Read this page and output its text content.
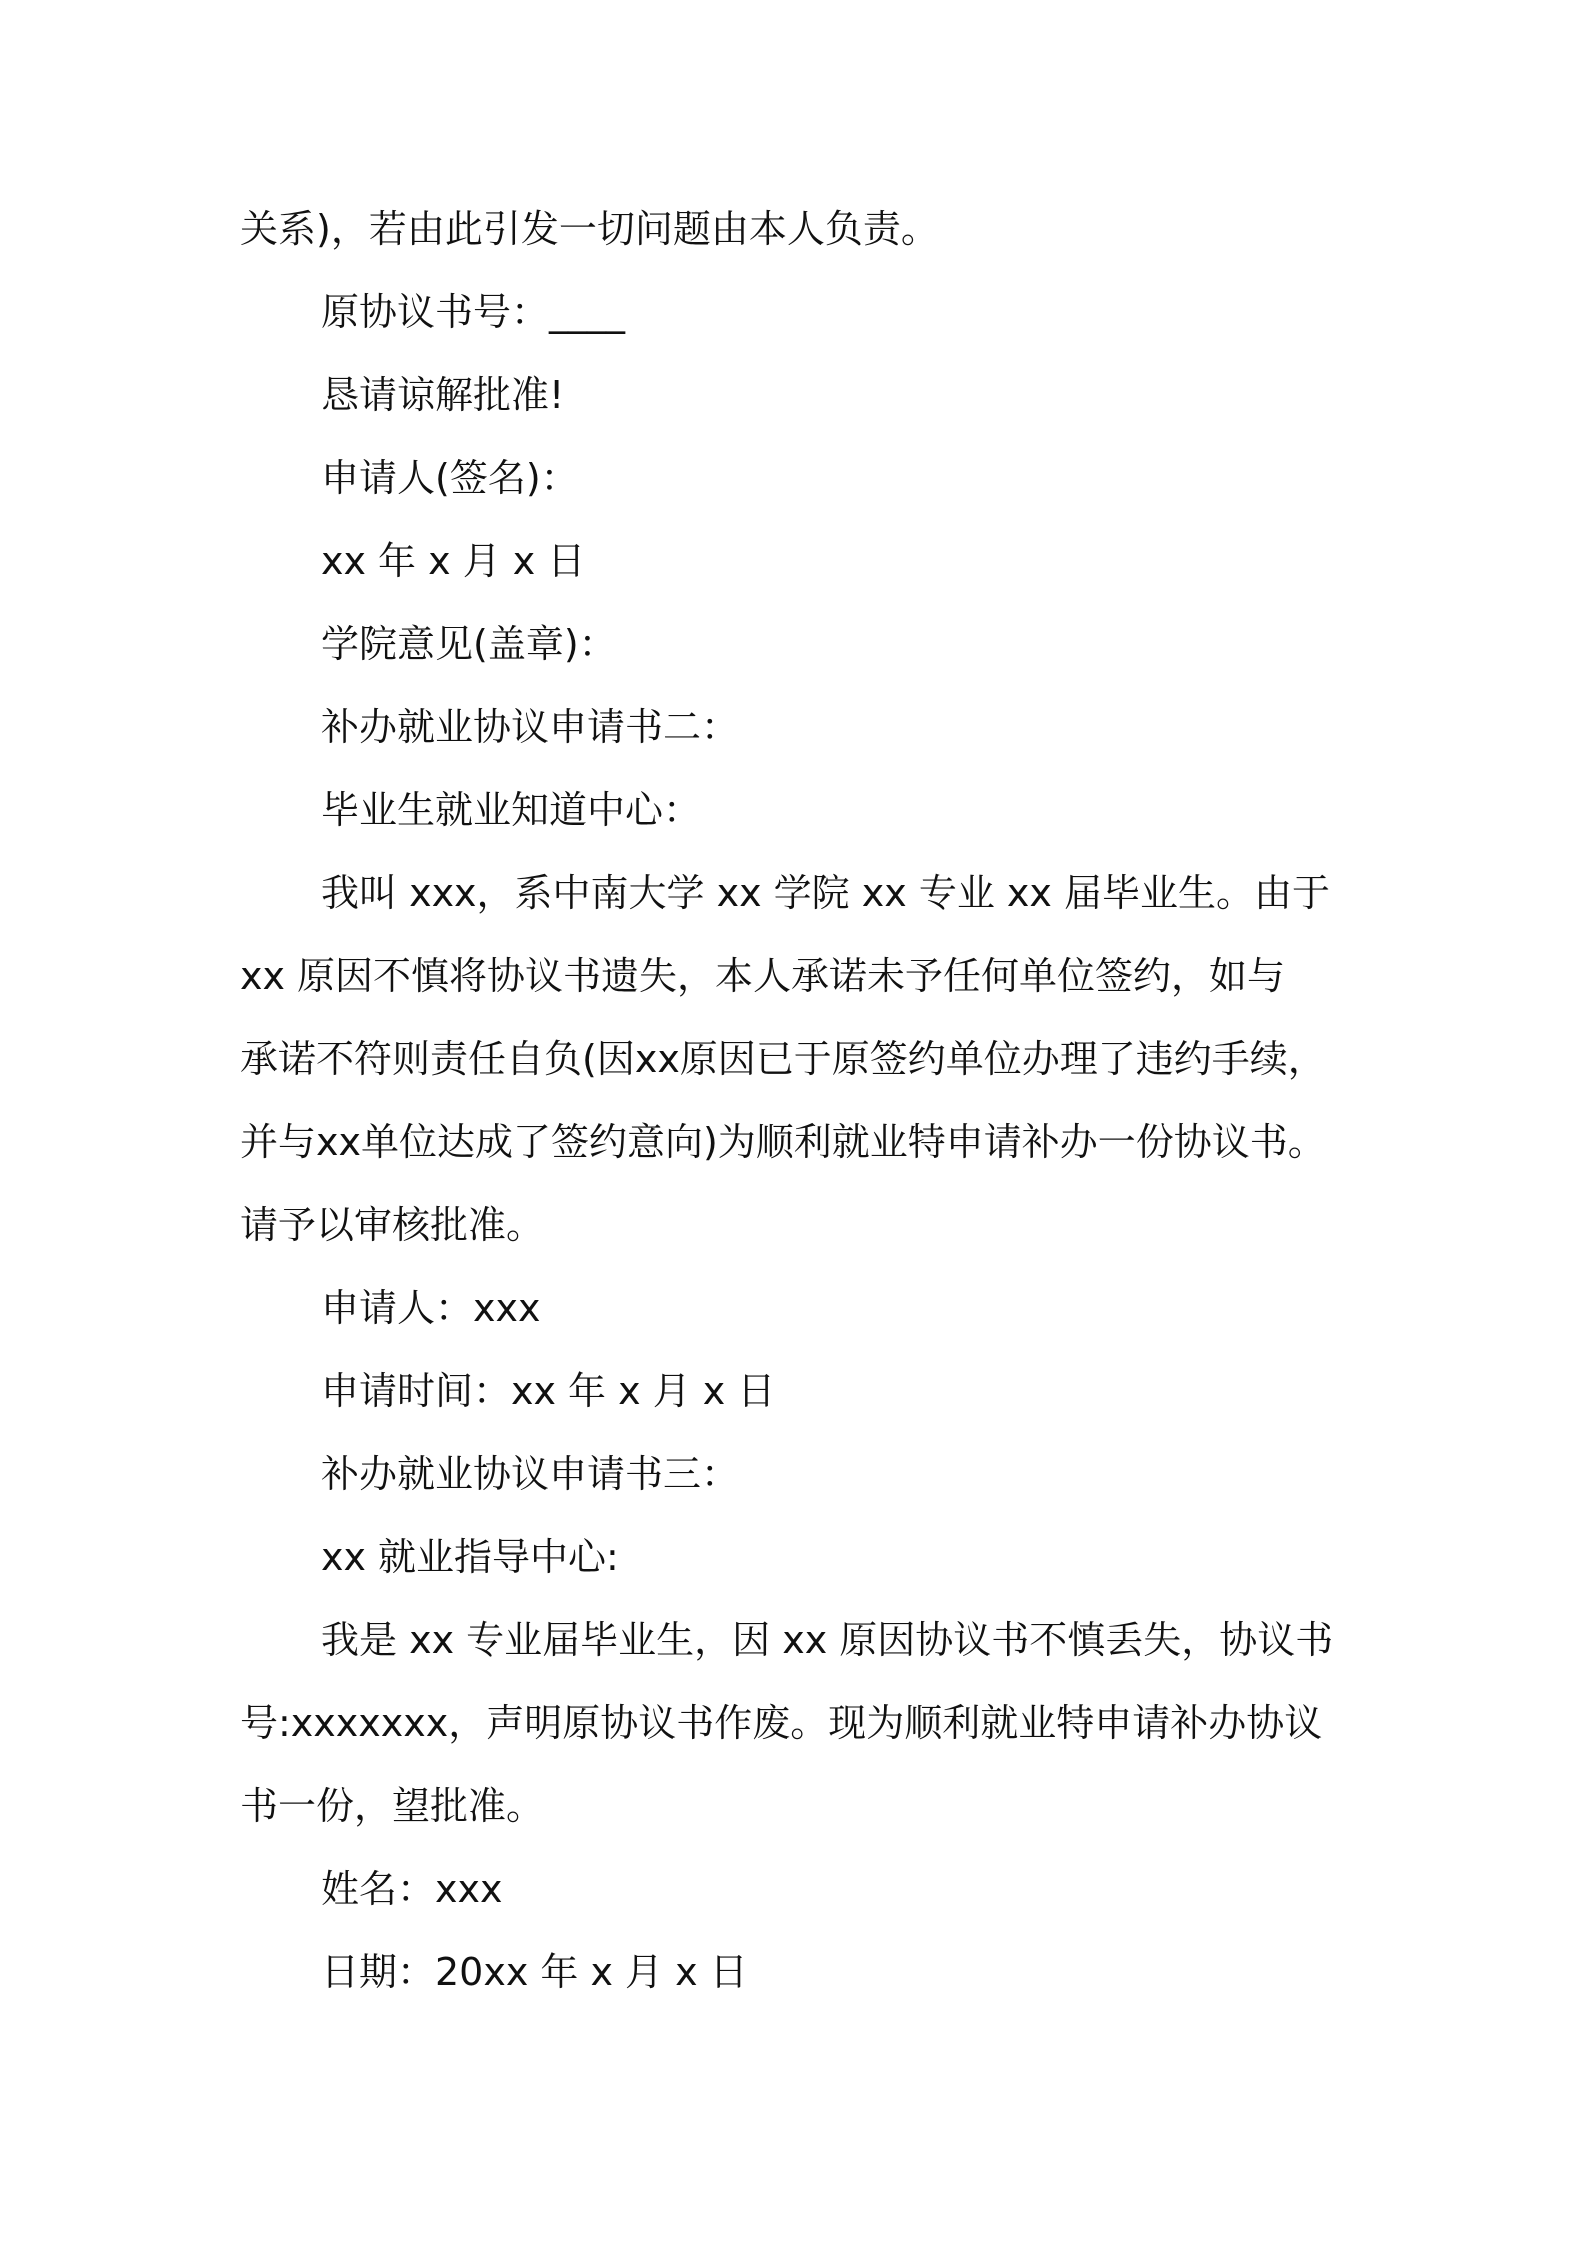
关系)，若由此引发一切问题由本人负责。

原协议书号：____

恳请谅解批准!

申请人(签名)：

xx 年 x 月 x 日

学院意见(盖章)：

补办就业协议申请书二：

毕业生就业知道中心：

我叫 xxx，系中南大学 xx 学院 xx 专业 xx 届毕业生。由于

xx 原因不慎将协议书遗失，本人承诺未予任何单位签约，如与

承诺不符则责任自负(因xx原因已于原签约单位办理了违约手续，

并与xx单位达成了签约意向)为顺利就业特申请补办一份协议书。

请予以审核批准。

申请人：xxx

申请时间：xx 年 x 月 x 日

补办就业协议申请书三：

xx 就业指导中心:

我是 xx 专业届毕业生，因 xx 原因协议书不慎丢失，协议书

号:xxxxxxx，声明原协议书作废。现为顺利就业特申请补办协议

书一份，望批准。

姓名：xxx

日期：20xx 年 x 月 x 日
